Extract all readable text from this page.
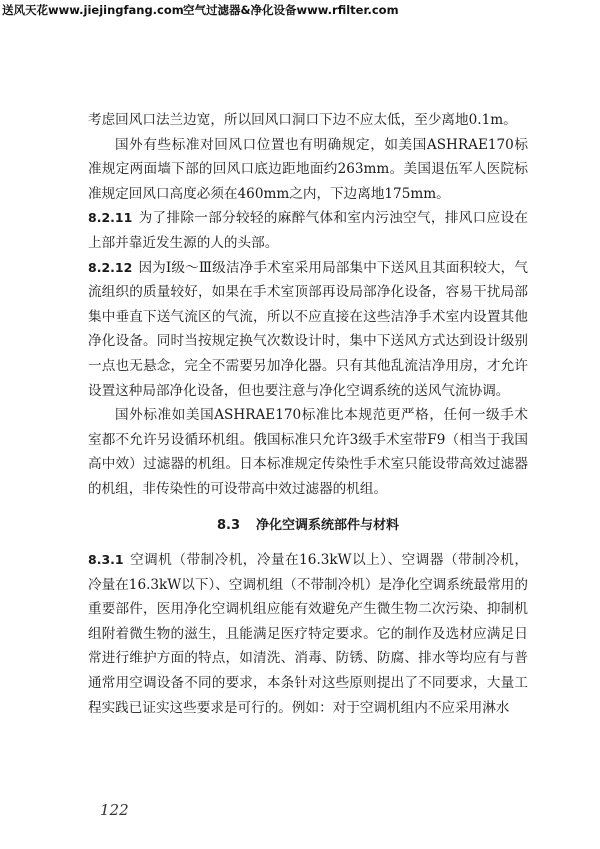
送风天花www.jiejingfang.com 空气过滤器&净化设备www.rfilter.com

考虑回风口法兰边宽，所以回风口洞口下边不应太低，至少离地0.1m。

国外有些标准对回风口位置也有明确规定，如美国ASHRAE170标准规定两面墙下部的回风口底边距地面约263mm。美国退伍军人医院标准规定回风口高度必须在460mm之内，下边离地175mm。

8.2.11 为了排除一部分较轻的麻醉气体和室内污浊空气，排风口应设在上部并靠近发生源的人的头部。

8.2.12 因为Ⅰ级～Ⅲ级洁净手术室采用局部集中下送风且其面积较大，气流组织的质量较好，如果在手术室顶部再设局部净化设备，容易干扰局部集中垂直下送气流区的气流，所以不应直接在这些洁净手术室内设置其他净化设备。同时当按规定换气次数设计时，集中下送风方式达到设计级别一点也无悬念，完全不需要另加净化器。只有其他乱流洁净用房，才允许设置这种局部净化设备，但也要注意与净化空调系统的送风气流协调。

国外标准如美国ASHRAE170标准比本规范更严格，任何一级手术室都不允许另设循环机组。俄国标准只允许3级手术室带F9（相当于我国高中效）过滤器的机组。日本标准规定传染性手术室只能设带高效过滤器的机组，非传染性的可设带高中效过滤器的机组。

8.3 净化空调系统部件与材料

8.3.1 空调机（带制冷机，冷量在16.3kW以上）、空调器（带制冷机，冷量在16.3kW以下）、空调机组（不带制冷机）是净化空调系统最常用的重要部件，医用净化空调机组应能有效避免产生微生物二次污染、抑制机组附着微生物的滋生，且能满足医疗特定要求。它的制作及选材应满足日常进行维护方面的特点，如清洗、消毒、防锈、防腐、排水等均应有与普通常用空调设备不同的要求，本条针对这些原则提出了不同要求，大量工程实践已证实这些要求是可行的。例如：对于空调机组内不应采用淋水

122
